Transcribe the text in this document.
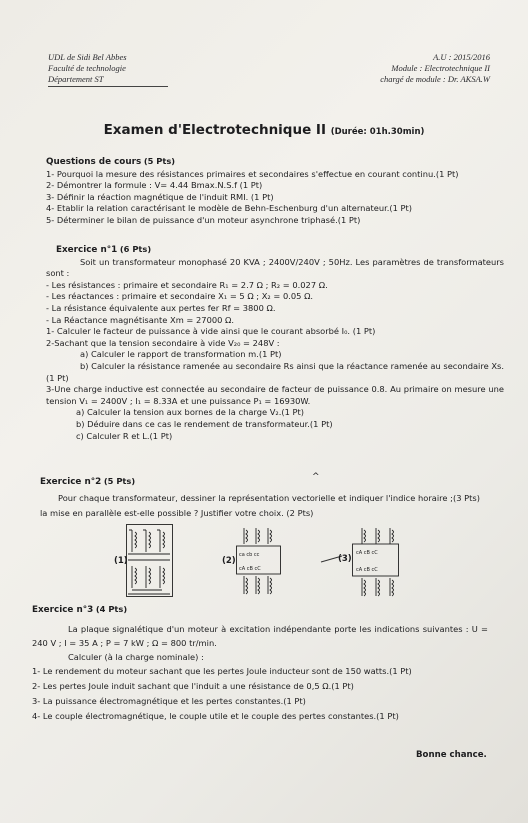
UDL de Sidi Bel Abbes
Faculté de technologie
Département ST
A.U : 2015/2016
Module : Electrotechnique II
chargé de module : Dr. AKSA.W
Examen d'Electrotechnique II (Durée: 01h.30min)
Questions de cours (5 Pts)
1- Pourquoi la mesure des résistances primaires et secondaires s'effectue en courant continu.(1 Pt)
2- Démontrer la formule : V= 4.44 Bmax.N.S.f (1 Pt)
3- Définir la réaction magnétique de l'induit RMI. (1 Pt)
4- Etablir la relation caractérisant le modèle de Behn-Eschenburg d'un alternateur.(1 Pt)
5- Déterminer le bilan de puissance d'un moteur asynchrone triphasé.(1 Pt)
Exercice n°1 (6 Pts)
Soit un transformateur monophasé 20 KVA ; 2400V/240V ; 50Hz. Les paramètres de transformateurs sont :
- Les résistances : primaire et secondaire R₁ = 2.7 Ω ; R₂ = 0.027 Ω.
- Les réactances : primaire et secondaire X₁ = 5 Ω ; X₂ = 0.05 Ω.
- La résistance équivalente aux pertes fer Rf = 3800 Ω.
- La Réactance magnétisante Xm = 27000 Ω.
1- Calculer le facteur de puissance à vide ainsi que le courant absorbé I₀. (1 Pt)
2-Sachant que la tension secondaire à vide V₂₀ = 248V :
a) Calculer le rapport de transformation m.(1 Pt)
b) Calculer la résistance ramenée au secondaire Rs ainsi que la réactance ramenée au secondaire Xs.(1 Pt)
3-Une charge inductive est connectée au secondaire de facteur de puissance 0.8. Au primaire on mesure une tension V₁ = 2400V ; I₁ = 8.33A et une puissance P₁ = 16930W.
a) Calculer la tension aux bornes de la charge V₂.(1 Pt)
b) Déduire dans ce cas le rendement de transformateur.(1 Pt)
c) Calculer R et L.(1 Pt)
^
Exercice n°2 (5 Pts)
Pour chaque transformateur, dessiner la représentation vectorielle et indiquer l'indice horaire ;(3 Pts) la mise en parallèle est-elle possible ? Justifier votre choix. (2 Pts)
(1)	(2)
ca cb cc
cA cB cC
(3)
cA cB cC
cA cB cC
Exercice n°3 (4 Pts)
La plaque signalétique d'un moteur à excitation indépendante porte les indications suivantes : U = 240 V ; I = 35 A ; P = 7 kW ; Ω = 800 tr/min.
Calculer (à la charge nominale) :
1- Le rendement du moteur sachant que les pertes Joule inducteur sont de 150 watts.(1 Pt)
2- Les pertes Joule induit sachant que l'induit a une résistance de 0,5 Ω.(1 Pt)
3- La puissance électromagnétique et les pertes constantes.(1 Pt)
4- Le couple électromagnétique, le couple utile et le couple des pertes constantes.(1 Pt)
Bonne chance.
